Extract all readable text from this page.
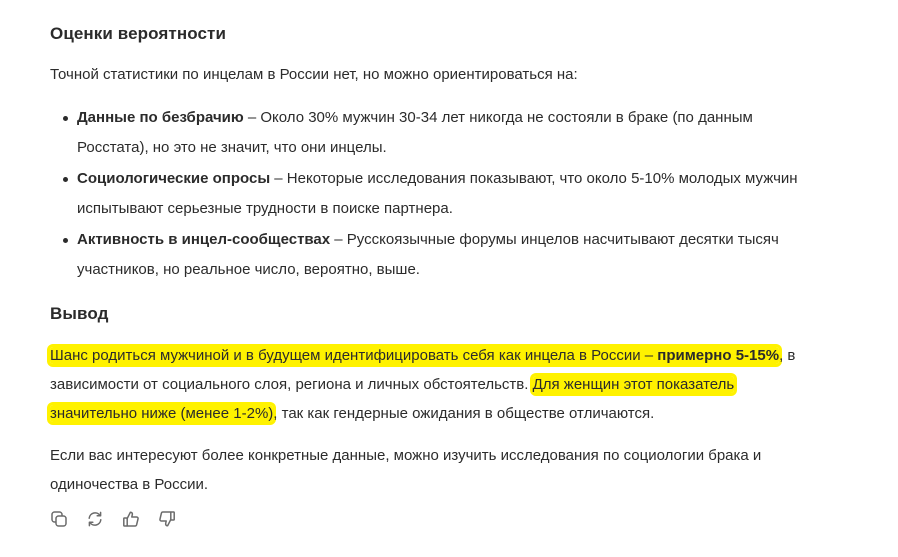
Оценки вероятности

Точной статистики по инцелам в России нет, но можно ориентироваться на:

Данные по безбрачию – Около 30% мужчин 30-34 лет никогда не состояли в браке (по данным Росстата), но это не значит, что они инцелы.
Социологические опросы – Некоторые исследования показывают, что около 5-10% молодых мужчин испытывают серьезные трудности в поиске партнера.
Активность в инцел-сообществах – Русскоязычные форумы инцелов насчитывают десятки тысяч участников, но реальное число, вероятно, выше.
Вывод

Шанс родиться мужчиной и в будущем идентифицировать себя как инцела в России – примерно 5-15%, в зависимости от социального слоя, региона и личных обстоятельств. Для женщин этот показатель значительно ниже (менее 1-2%), так как гендерные ожидания в обществе отличаются.

Если вас интересуют более конкретные данные, можно изучить исследования по социологии брака и одиночества в России.
